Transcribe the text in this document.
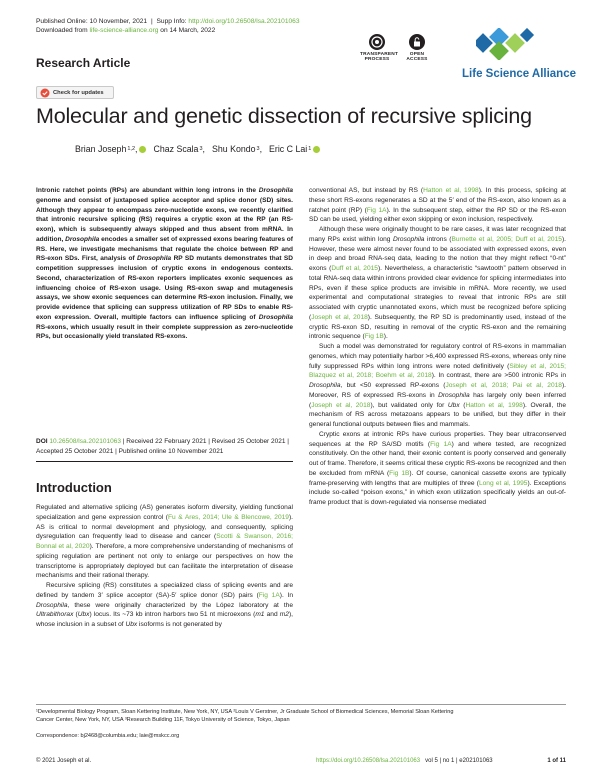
Published Online: 10 November, 2021 | Supp Info: http://doi.org/10.26508/lsa.202101063
Downloaded from life-science-alliance.org on 14 March, 2022
TRANSPARENT PROCESS
OPEN ACCESS
Life Science Alliance
Research Article
Check for updates
Molecular and genetic dissection of recursive splicing
Brian Joseph 1,2 ,	Chaz Scala 3 , Shu Kondo 3 , Eric C Lai 1

Intronic ratchet points (RPs) are abundant within long introns in the Drosophila genome and consist of juxtaposed splice acceptor and splice donor (SD) sites. Although they appear to encompass zero-nucleotide exons, we recently clarified that intronic recursive splicing (RS) requires a cryptic exon at the RP (an RS-exon), which is subsequently always skipped and thus absent from mRNA. In addition, Drosophila encodes a smaller set of expressed exons bearing features of RS. Here, we investigate mechanisms that regulate the choice between RP and RS-exon SDs. First, analysis of Drosophila RP SD mutants demonstrates that SD competition suppresses inclusion of cryptic exons in endogenous contexts. Second, characterization of RS-exon reporters implicates exonic sequences as influencing choice of RS-exon usage. Using RS-exon swap and mutagenesis assays, we show exonic sequences can determine RS-exon inclusion. Finally, we provide evidence that splicing can suppress utilization of RP SDs to enable RS-exon expression. Overall, multiple factors can influence splicing of Drosophila RS-exons, which usually result in their complete suppression as zero-nucleotide RPs, but occasionally yield translated RS-exons.

DOI 10.26508/lsa.202101063 | Received 22 February 2021 | Revised 25 October 2021 | Accepted 25 October 2021 | Published online 10 November 2021
Introduction

Regulated and alternative splicing (AS) generates isoform diversity, yielding functional specialization and gene expression control (Fu & Ares, 2014; Ule & Blencowe, 2019). AS is critical to normal development and physiology, and consequently, splicing dysregulation can frequently lead to disease and cancer (Scotti & Swanson, 2016; Bonnal et al, 2020). Therefore, a more comprehensive understanding of mechanisms of splicing regulation are pertinent not only to enlarge our perspectives on how the transcriptome is appropriately deployed but can facilitate the interpretation of disease mechanisms and their rational therapy.

Recursive splicing (RS) constitutes a specialized class of splicing events and are defined by tandem 3′ splice acceptor (SA)-5′ splice donor (SD) pairs (Fig 1A). In Drosophila, these were originally characterized by the López laboratory at the Ultrabithorax (Ubx) locus. Its ~73 kb intron harbors two 51 nt microexons (m1 and m2), whose inclusion in a subset of Ubx isoforms is not generated by

conventional AS, but instead by RS (Hatton et al, 1998). In this process, splicing at these short RS-exons regenerates a SD at the 5′ end of the RS-exon, also known as a ratchet point (RP) (Fig 1A). In the subsequent step, either the RP SD or the RS-exon SD can be used, yielding either exon skipping or exon inclusion, respectively.

Although these were originally thought to be rare cases, it was later recognized that many RPs exist within long Drosophila introns (Burnette et al, 2005; Duff et al, 2015). However, these were almost never found to be associated with expressed exons, even in deep and broad RNA-seq data, leading to the notion that they might reflect “0-nt” exons (Duff et al, 2015). Nevertheless, a characteristic “sawtooth” pattern observed in total RNA-seq data within introns provided clear evidence for splicing intermediates into RPs, even if these splice products are invisible in mRNA. More recently, we used experimental and computational strategies to reveal that intronic RPs are still associated with cryptic unannotated exons, which must be recognized before splicing (Joseph et al, 2018). Subsequently, the RP SD is predominantly used, instead of the cryptic RS-exon SD, resulting in removal of the cryptic RS-exon and the remaining intronic sequence (Fig 1B).

Such a model was demonstrated for regulatory control of RS-exons in mammalian genomes, which may potentially harbor >6,400 expressed RS-exons, whereas only nine fully suppressed RPs within long introns were noted definitively (Sibley et al, 2015; Blazquez et al, 2018; Boehm et al, 2018). In contrast, there are >500 intronic RPs in Drosophila, but <50 expressed RP-exons (Joseph et al, 2018; Pai et al, 2018). Moreover, RS of expressed RS-exons in Drosophila has largely only been inferred (Joseph et al, 2018), but validated only for Ubx (Hatton et al, 1998). Overall, the mechanism of RS across metazoans appears to be unified, but they differ in their general functional outputs between flies and mammals.

Cryptic exons at intronic RPs have curious properties. They bear ultraconserved sequences at the RP SA/SD motifs (Fig 1A) and where tested, are recognized constitutively. On the other hand, their exonic content is poorly conserved and generally out of frame. Therefore, it seems critical these cryptic RS-exons be recognized and then be excluded from mRNA (Fig 1B). Of course, canonical cassette exons are typically frame-preserving with lengths that are multiples of three (Long et al, 1995). Exceptions include so-called “poison exons,” in which exon utilization specifically yields an out-of-frame product that is down-regulated via nonsense mediated

¹Developmental Biology Program, Sloan Kettering Institute, New York, NY, USA ²Louis V Gerstner, Jr Graduate School of Biomedical Sciences, Memorial Sloan Kettering
Cancer Center, New York, NY, USA ³Research Building 11F, Tokyo University of Science, Tokyo, Japan
Correspondence: bj2468@columbia.edu; laie@mskcc.org
© 2021 Joseph et al.	https://doi.org/10.26508/lsa.202101063 vol 5 | no 1 | e202101063	1 of 11
